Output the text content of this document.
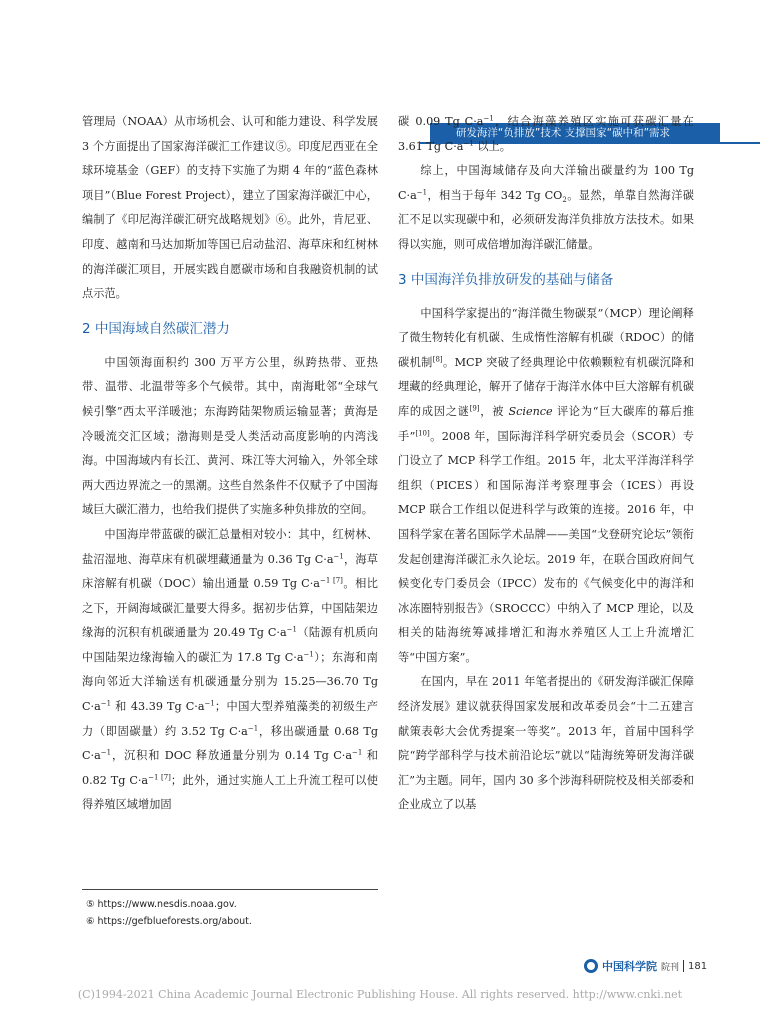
研发海洋“负排放”技术 支撑国家“碳中和”需求

管理局（NOAA）从市场机会、认可和能力建设、科学发展 3 个方面提出了国家海洋碳汇工作建议⑤。印度尼西亚在全球环境基金（GEF）的支持下实施了为期 4 年的“蓝色森林项目”（Blue Forest Project），建立了国家海洋碳汇中心，编制了《印尼海洋碳汇研究战略规划》⑥。此外，肯尼亚、印度、越南和马达加斯加等国已启动盐沼、海草床和红树林的海洋碳汇项目，开展实践自愿碳市场和自我融资机制的试点示范。

2 中国海域自然碳汇潜力

中国领海面积约 300 万平方公里，纵跨热带、亚热带、温带、北温带等多个气候带。其中，南海毗邻“全球气候引擎”西太平洋暖池；东海跨陆架物质运输显著；黄海是冷暖流交汇区域；渤海则是受人类活动高度影响的内湾浅海。中国海域内有长江、黄河、珠江等大河输入，外邻全球两大西边界流之一的黑潮。这些自然条件不仅赋予了中国海域巨大碳汇潜力，也给我们提供了实施多种负排放的空间。

中国海岸带蓝碳的碳汇总量相对较小：其中，红树林、盐沼湿地、海草床有机碳埋藏通量为 0.36 Tg $C\cdot a^{-1}$，海草床溶解有机碳（DOC）输出通量 0.59 Tg $C\cdot a^{-1 [7]}$。相比之下，开阔海域碳汇量要大得多。据初步估算，中国陆架边缘海的沉积有机碳通量为 20.49 Tg $C\cdot a^{-1}$（陆源有机质向中国陆架边缘海输入的碳汇为 17.8 Tg $C\cdot a^{-1}$）；东海和南海向邻近大洋输送有机碳通量分别为 15.25—36.70 Tg $C\cdot a^{-1}$ 和 43.39 Tg $C\cdot a^{-1}$；中国大型养殖藻类的初级生产力（即固碳量）约 3.52 Tg $C\cdot a^{-1}$，移出碳通量 0.68 Tg $C\cdot a^{-1}$，沉积和 DOC 释放通量分别为 0.14 Tg $C\cdot a^{-1}$ 和 0.82 Tg $C\cdot a^{-1 [7]}$；此外，通过实施人工上升流工程可以使得养殖区域增加固

碳 0.09 Tg $C\cdot a^{-1}$，结合海藻养殖区实施可获碳汇量在 3.61 Tg $C\cdot a^{-1}$ 以上。

综上，中国海域储存及向大洋输出碳量约为 100 Tg $C\cdot a^{-1}$，相当于每年 342 Tg $CO_2$。显然，单靠自然海洋碳汇不足以实现碳中和，必须研发海洋负排放方法技术。如果得以实施，则可成倍增加海洋碳汇储量。

3 中国海洋负排放研发的基础与储备

中国科学家提出的“海洋微生物碳泵”（MCP）理论阐释了微生物转化有机碳、生成惰性溶解有机碳（RDOC）的储碳机制[8]。MCP 突破了经典理论中依赖颗粒有机碳沉降和埋藏的经典理论，解开了储存于海洋水体中巨大溶解有机碳库的成因之谜[9]，被 Science 评论为“巨大碳库的幕后推手”[10]。2008 年，国际海洋科学研究委员会（SCOR）专门设立了 MCP 科学工作组。2015 年，北太平洋海洋科学组织（PICES）和国际海洋考察理事会（ICES）再设 MCP 联合工作组以促进科学与政策的连接。2016 年，中国科学家在著名国际学术品牌——美国“戈登研究论坛”领衔发起创建海洋碳汇永久论坛。2019 年，在联合国政府间气候变化专门委员会（IPCC）发布的《气候变化中的海洋和冰冻圈特别报告》（SROCCC）中纳入了 MCP 理论，以及相关的陆海统筹减排增汇和海水养殖区人工上升流增汇等“中国方案”。

在国内，早在 2011 年笔者提出的《研发海洋碳汇保障经济发展》建议就获得国家发展和改革委员会“十二五建言献策表彰大会优秀提案一等奖”。2013 年，首届中国科学院“跨学部科学与技术前沿论坛”就以“陆海统筹研发海洋碳汇”为主题。同年，国内 30 多个涉海科研院校及相关部委和企业成立了以基

⑤ https://www.nesdis.noaa.gov.
⑥ https://gefblueforests.org/about.
中国科学院 院刊 181
(C)1994-2021 China Academic Journal Electronic Publishing House. All rights reserved. http://www.cnki.net
